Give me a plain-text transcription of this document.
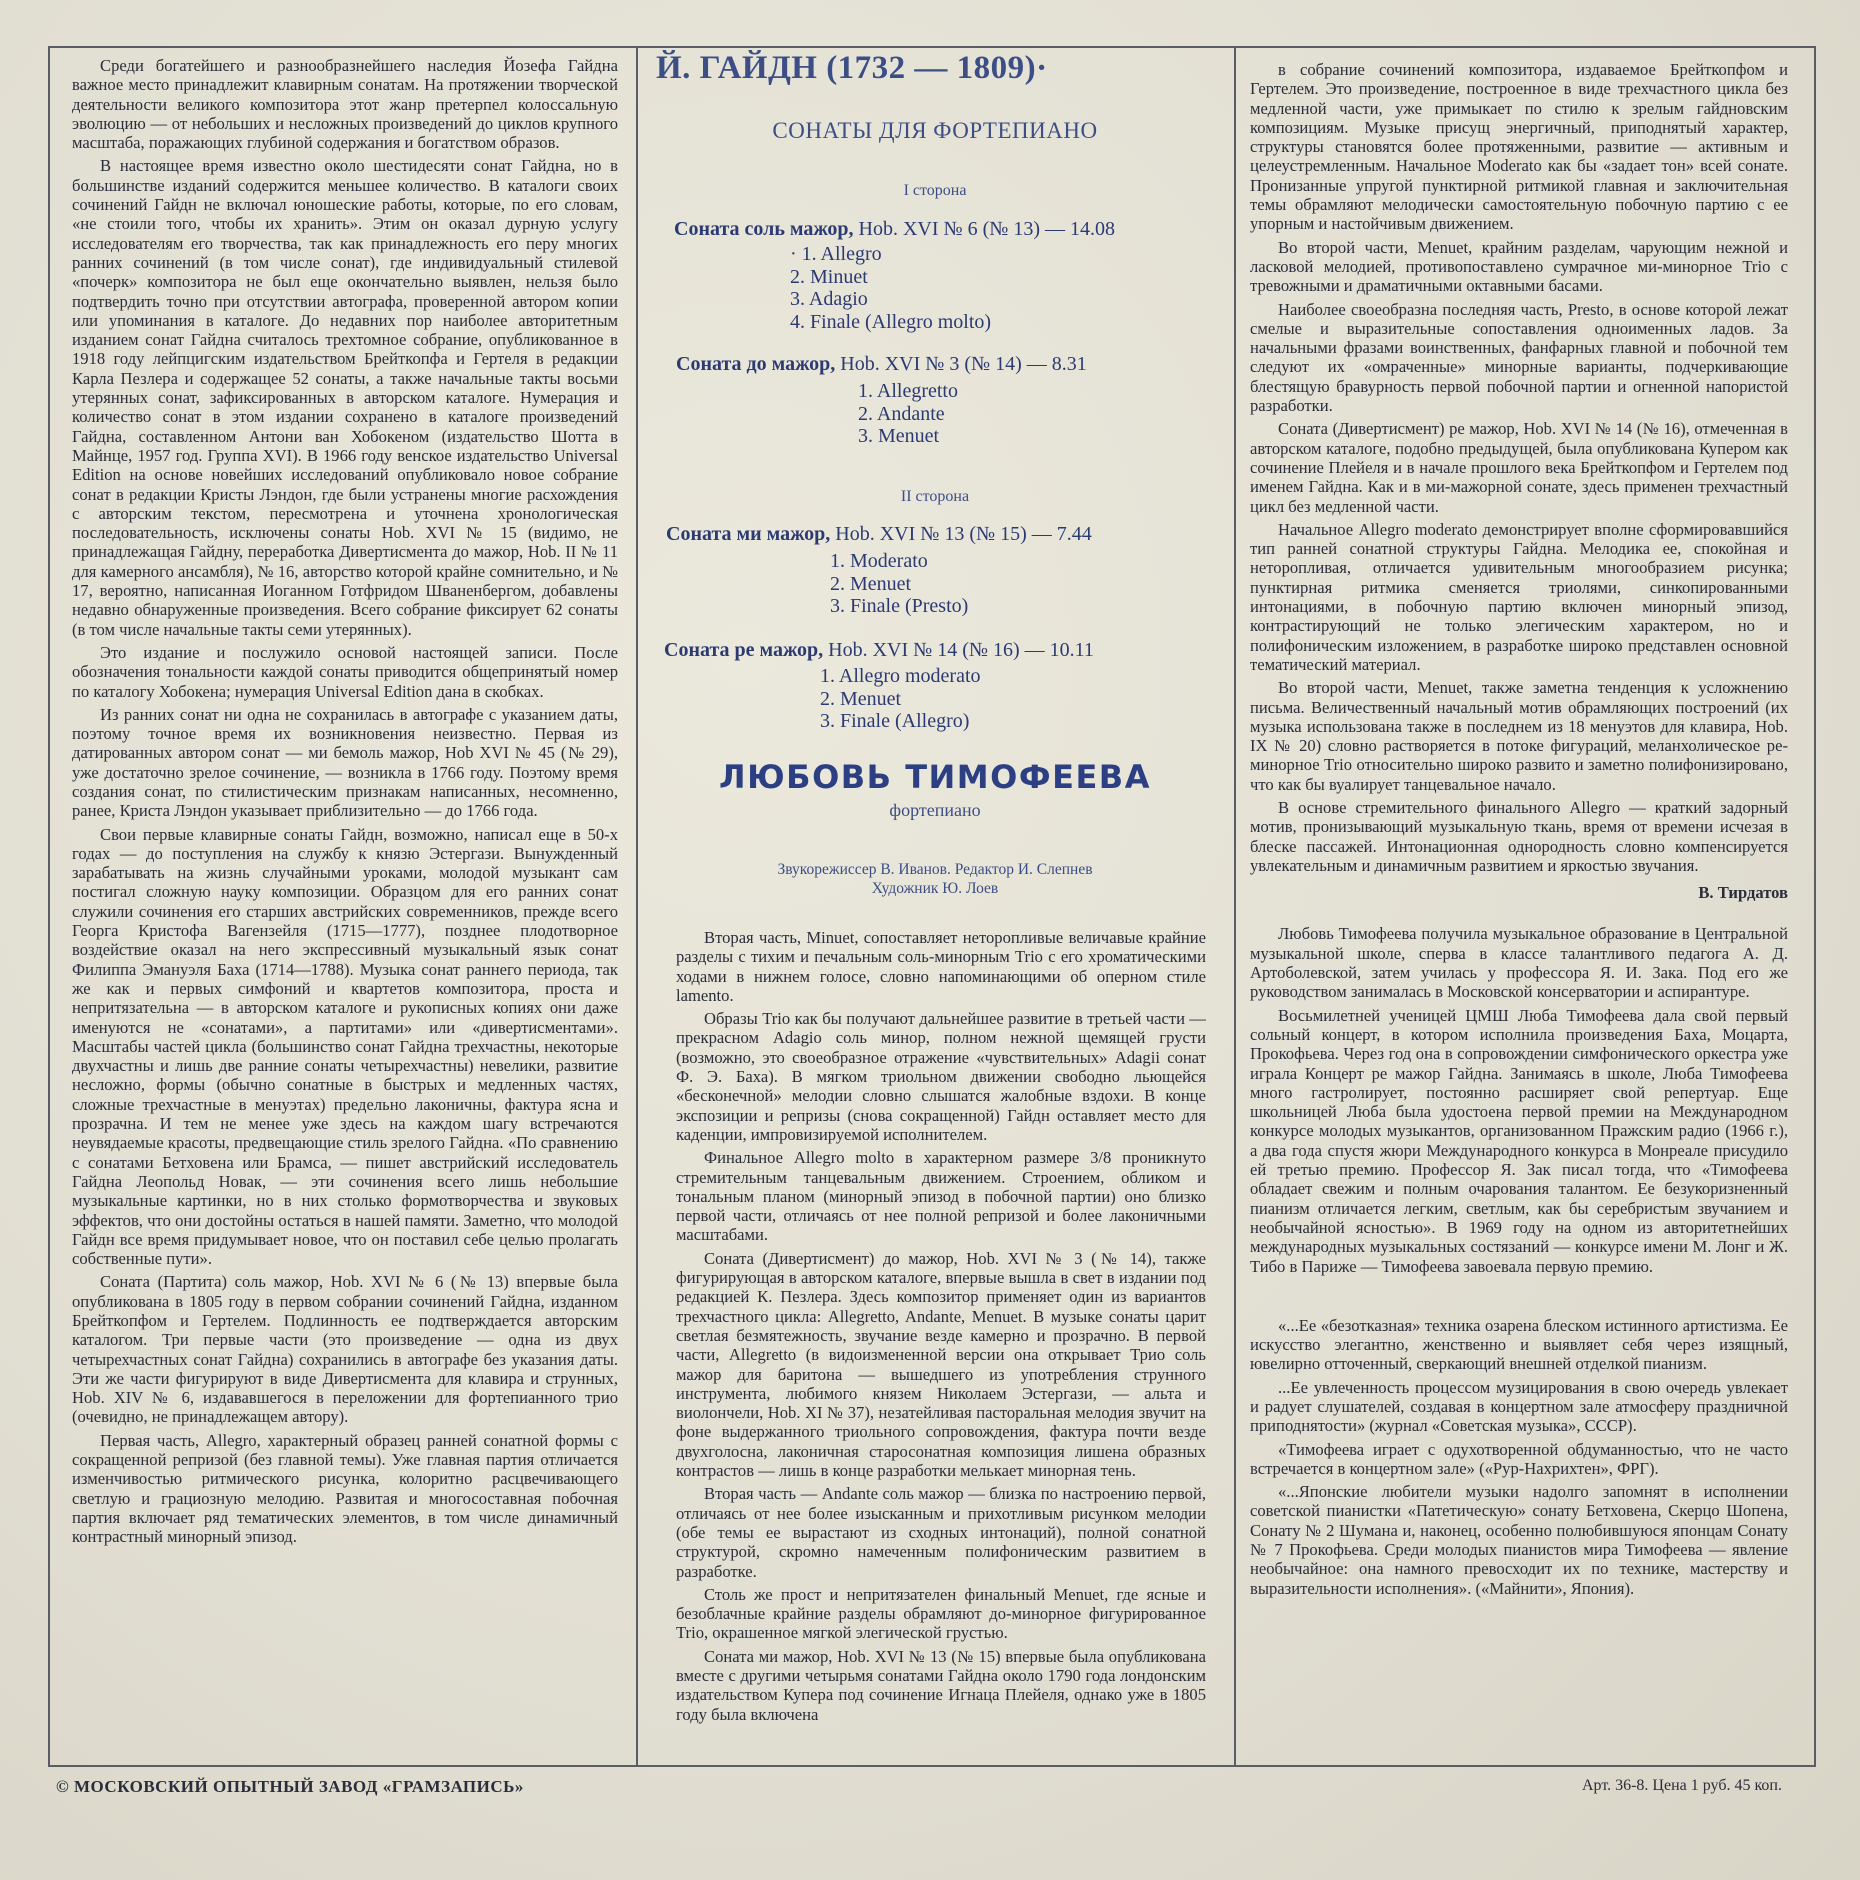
Среди богатейшего и разнообразнейшего наследия Йозефа Гайдна важное место принадлежит клавирным сонатам. На протяжении творческой деятельности великого композитора этот жанр претерпел колоссальную эволюцию — от небольших и несложных произведений до циклов крупного масштаба, поражающих глубиной содержания и богатством образов.

В настоящее время известно около шестидесяти сонат Гайдна, но в большинстве изданий содержится меньшее количество. В каталоги своих сочинений Гайдн не включал юношеские работы, которые, по его словам, «не стоили того, чтобы их хранить». Этим он оказал дурную услугу исследователям его творчества, так как принадлежность его перу многих ранних сочинений (в том числе сонат), где индивидуальный стилевой «почерк» композитора не был еще окончательно выявлен, нельзя было подтвердить точно при отсутствии автографа, проверенной автором копии или упоминания в каталоге. До недавних пор наиболее авторитетным изданием сонат Гайдна считалось трехтомное собрание, опубликованное в 1918 году лейпцигским издательством Брейткопфа и Гертеля в редакции Карла Пезлера и содержащее 52 сонаты, а также начальные такты восьми утерянных сонат, зафиксированных в авторском каталоге. Нумерация и количество сонат в этом издании сохранено в каталоге произведений Гайдна, составленном Антони ван Хобокеном (издательство Шотта в Майнце, 1957 год. Группа XVI). В 1966 году венское издательство Universal Edition на основе новейших исследований опубликовало новое собрание сонат в редакции Кристы Лэндон, где были устранены многие расхождения с авторским текстом, пересмотрена и уточнена хронологическая последовательность, исключены сонаты Hob. XVI № 15 (видимо, не принадлежащая Гайдну, переработка Дивертисмента до мажор, Hob. II № 11 для камерного ансамбля), № 16, авторство которой крайне сомнительно, и № 17, вероятно, написанная Иоганном Готфридом Шваненбергом, добавлены недавно обнаруженные произведения. Всего собрание фиксирует 62 сонаты (в том числе начальные такты семи утерянных).

Это издание и послужило основой настоящей записи. После обозначения тональности каждой сонаты приводится общепринятый номер по каталогу Хобокена; нумерация Universal Edition дана в скобках.

Из ранних сонат ни одна не сохранилась в автографе с указанием даты, поэтому точное время их возникновения неизвестно. Первая из датированных автором сонат — ми бемоль мажор, Hob XVI № 45 (№ 29), уже достаточно зрелое сочинение, — возникла в 1766 году. Поэтому время создания сонат, по стилистическим признакам написанных, несомненно, ранее, Криста Лэндон указывает приблизительно — до 1766 года.

Свои первые клавирные сонаты Гайдн, возможно, написал еще в 50-х годах — до поступления на службу к князю Эстергази. Вынужденный зарабатывать на жизнь случайными уроками, молодой музыкант сам постигал сложную науку композиции. Образцом для его ранних сонат служили сочинения его старших австрийских современников, прежде всего Георга Кристофа Вагензейля (1715—1777), позднее плодотворное воздействие оказал на него экспрессивный музыкальный язык сонат Филиппа Эмануэля Баха (1714—1788). Музыка сонат раннего периода, так же как и первых симфоний и квартетов композитора, проста и непритязательна — в авторском каталоге и рукописных копиях они даже именуются не «сонатами», а партитами» или «дивертисментами». Масштабы частей цикла (большинство сонат Гайдна трехчастны, некоторые двухчастны и лишь две ранние сонаты четырехчастны) невелики, развитие несложно, формы (обычно сонатные в быстрых и медленных частях, сложные трехчастные в менуэтах) предельно лаконичны, фактура ясна и прозрачна. И тем не менее уже здесь на каждом шагу встречаются неувядаемые красоты, предвещающие стиль зрелого Гайдна. «По сравнению с сонатами Бетховена или Брамса, — пишет австрийский исследователь Гайдна Леопольд Новак, — эти сочинения всего лишь небольшие музыкальные картинки, но в них столько формотворчества и звуковых эффектов, что они достойны остаться в нашей памяти. Заметно, что молодой Гайдн все время придумывает новое, что он поставил себе целью пролагать собственные пути».

Соната (Партита) соль мажор, Hob. XVI № 6 (№ 13) впервые была опубликована в 1805 году в первом собрании сочинений Гайдна, изданном Брейткопфом и Гертелем. Подлинность ее подтверждается авторским каталогом. Три первые части (это произведение — одна из двух четырехчастных сонат Гайдна) сохранились в автографе без указания даты. Эти же части фигурируют в виде Дивертисмента для клавира и струнных, Hob. XIV № 6, издававшегося в переложении для фортепианного трио (очевидно, не принадлежащем автору).

Первая часть, Allegro, характерный образец ранней сонатной формы с сокращенной репризой (без главной темы). Уже главная партия отличается изменчивостью ритмического рисунка, колоритно расцвечивающего светлую и грациозную мелодию. Развитая и многосоставная побочная партия включает ряд тематических элементов, в том числе динамичный контрастный минорный эпизод.

Й. ГАЙДН (1732 — 1809)·
СОНАТЫ ДЛЯ ФОРТЕПИАНО
I сторона
Соната соль мажор, Hob. XVI № 6 (№ 13) — 14.08
· 1. Allegro
2. Minuet
3. Adagio
4. Finale (Allegro molto)
Соната до мажор, Hob. XVI № 3 (№ 14) — 8.31
1. Allegretto
2. Andante
3. Menuet
II сторона
Соната ми мажор, Hob. XVI № 13 (№ 15) — 7.44
1. Moderato
2. Menuet
3. Finale (Presto)
Соната ре мажор, Hob. XVI № 14 (№ 16) — 10.11
1. Allegro moderato
2. Menuet
3. Finale (Allegro)
ЛЮБОВЬ ТИМОФЕЕВА
фортепиано
Звукорежиссер В. Иванов. Редактор И. Слепнев
Художник Ю. Лоев

Вторая часть, Minuet, сопоставляет неторопливые величавые крайние разделы с тихим и печальным соль-минорным Trio с его хроматическими ходами в нижнем голосе, словно напоминающими об оперном стиле lamento.

Образы Trio как бы получают дальнейшее развитие в третьей части — прекрасном Adagio соль минор, полном нежной щемящей грусти (возможно, это своеобразное отражение «чувствительных» Adagii сонат Ф. Э. Баха). В мягком триольном движении свободно льющейся «бесконечной» мелодии словно слышатся жалобные вздохи. В конце экспозиции и репризы (снова сокращенной) Гайдн оставляет место для каденции, импровизируемой исполнителем.

Финальное Allegro molto в характерном размере 3/8 проникнуто стремительным танцевальным движением. Строением, обликом и тональным планом (минорный эпизод в побочной партии) оно близко первой части, отличаясь от нее полной репризой и более лаконичными масштабами.

Соната (Дивертисмент) до мажор, Hob. XVI № 3 (№ 14), также фигурирующая в авторском каталоге, впервые вышла в свет в издании под редакцией К. Пезлера. Здесь композитор применяет один из вариантов трехчастного цикла: Allegretto, Andante, Menuet. В музыке сонаты царит светлая безмятежность, звучание везде камерно и прозрачно. В первой части, Allegretto (в видоизмененной версии она открывает Трио соль мажор для баритона — вышедшего из употребления струнного инструмента, любимого князем Николаем Эстергази, — альта и виолончели, Hob. XI № 37), незатейливая пасторальная мелодия звучит на фоне выдержанного триольного сопровождения, фактура почти везде двухголосна, лаконичная старосонатная композиция лишена образных контрастов — лишь в конце разработки мелькает минорная тень.

Вторая часть — Andante соль мажор — близка по настроению первой, отличаясь от нее более изысканным и прихотливым рисунком мелодии (обе темы ее вырастают из сходных интонаций), полной сонатной структурой, скромно намеченным полифоническим развитием в разработке.

Столь же прост и непритязателен финальный Menuet, где ясные и безоблачные крайние разделы обрамляют до-минорное фигурированное Trio, окрашенное мягкой элегической грустью.

Соната ми мажор, Hob. XVI № 13 (№ 15) впервые была опубликована вместе с другими четырьмя сонатами Гайдна около 1790 года лондонским издательством Купера под сочинение Игнаца Плейеля, однако уже в 1805 году была включена

в собрание сочинений композитора, издаваемое Брейткопфом и Гертелем. Это произведение, построенное в виде трехчастного цикла без медленной части, уже примыкает по стилю к зрелым гайдновским композициям. Музыке присущ энергичный, приподнятый характер, структуры становятся более протяженными, развитие — активным и целеустремленным. Начальное Moderato как бы «задает тон» всей сонате. Пронизанные упругой пунктирной ритмикой главная и заключительная темы обрамляют мелодически самостоятельную побочную партию с ее упорным и настойчивым движением.

Во второй части, Menuet, крайним разделам, чарующим нежной и ласковой мелодией, противопоставлено сумрачное ми-минорное Trio с тревожными и драматичными октавными басами.

Наиболее своеобразна последняя часть, Presto, в основе которой лежат смелые и выразительные сопоставления одноименных ладов. За начальными фразами воинственных, фанфарных главной и побочной тем следуют их «омраченные» минорные варианты, подчеркивающие блестящую бравурность первой побочной партии и огненной напористой разработки.

Соната (Дивертисмент) ре мажор, Hob. XVI № 14 (№ 16), отмеченная в авторском каталоге, подобно предыдущей, была опубликована Купером как сочинение Плейеля и в начале прошлого века Брейткопфом и Гертелем под именем Гайдна. Как и в ми-мажорной сонате, здесь применен трехчастный цикл без медленной части.

Начальное Allegro moderato демонстрирует вполне сформировавшийся тип ранней сонатной структуры Гайдна. Мелодика ее, спокойная и неторопливая, отличается удивительным многообразием рисунка; пунктирная ритмика сменяется триолями, синкопированными интонациями, в побочную партию включен минорный эпизод, контрастирующий не только элегическим характером, но и полифоническим изложением, в разработке широко представлен основной тематический материал.

Во второй части, Menuet, также заметна тенденция к усложнению письма. Величественный начальный мотив обрамляющих построений (их музыка использована также в последнем из 18 менуэтов для клавира, Hob. IX № 20) словно растворяется в потоке фигураций, меланхолическое ре-минорное Trio относительно широко развито и заметно полифонизировано, что как бы вуалирует танцевальное начало.

В основе стремительного финального Allegro — краткий задорный мотив, пронизывающий музыкальную ткань, время от времени исчезая в блеске пассажей. Интонационная однородность словно компенсируется увлекательным и динамичным развитием и яркостью звучания.

В. Тирдатов

Любовь Тимофеева получила музыкальное образование в Центральной музыкальной школе, сперва в классе талантливого педагога А. Д. Артоболевской, затем училась у профессора Я. И. Зака. Под его же руководством занималась в Московской консерватории и аспирантуре.

Восьмилетней ученицей ЦМШ Люба Тимофеева дала свой первый сольный концерт, в котором исполнила произведения Баха, Моцарта, Прокофьева. Через год она в сопровождении симфонического оркестра уже играла Концерт ре мажор Гайдна. Занимаясь в школе, Люба Тимофеева много гастролирует, постоянно расширяет свой репертуар. Еще школьницей Люба была удостоена первой премии на Международном конкурсе молодых музыкантов, организованном Пражским радио (1966 г.), а два года спустя жюри Международного конкурса в Монреале присудило ей третью премию. Профессор Я. Зак писал тогда, что «Тимофеева обладает свежим и полным очарования талантом. Ее безукоризненный пианизм отличается легким, светлым, как бы серебристым звучанием и необычайной ясностью». В 1969 году на одном из авторитетнейших международных музыкальных состязаний — конкурсе имени М. Лонг и Ж. Тибо в Париже — Тимофеева завоевала первую премию.

«...Ее «безотказная» техника озарена блеском истинного артистизма. Ее искусство элегантно, женственно и выявляет себя через изящный, ювелирно отточенный, сверкающий внешней отделкой пианизм.

...Ее увлеченность процессом музицирования в свою очередь увлекает и радует слушателей, создавая в концертном зале атмосферу праздничной приподнятости» (журнал «Советская музыка», СССР).

«Тимофеева играет с одухотворенной обдуманностью, что не часто встречается в концертном зале» («Рур-Нахрихтен», ФРГ).

«...Японские любители музыки надолго запомнят в исполнении советской пианистки «Патетическую» сонату Бетховена, Скерцо Шопена, Сонату № 2 Шумана и, наконец, особенно полюбившуюся японцам Сонату № 7 Прокофьева. Среди молодых пианистов мира Тимофеева — явление необычайное: она намного превосходит их по технике, мастерству и выразительности исполнения». («Майнити», Япония).

© МОСКОВСКИЙ ОПЫТНЫЙ ЗАВОД «ГРАМЗАПИСЬ»	Арт. 36-8. Цена 1 руб. 45 коп.
